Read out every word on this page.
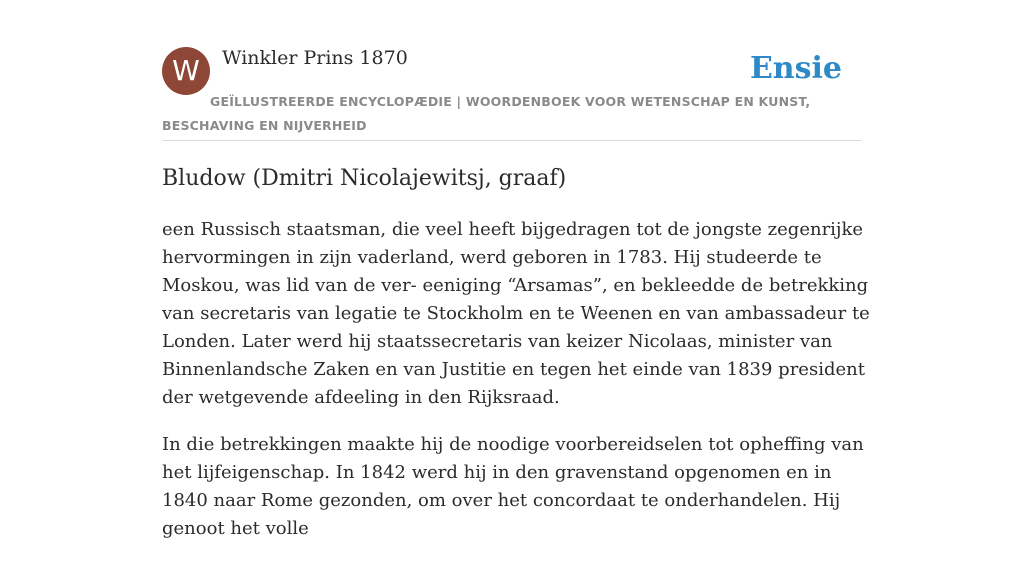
W	Winkler Prins 1870	Ensie
GEÏLLUSTREERDE ENCYCLOPÆDIE | WOORDENBOEK VOOR WETENSCHAP EN KUNST, BESCHAVING EN NIJVERHEID
Bludow (Dmitri Nicolajewitsj, graaf)

een Russisch staatsman, die veel heeft bijgedragen tot de jongste zegenrijke hervormingen in zijn vaderland, werd geboren in 1783. Hij studeerde te Moskou, was lid van de ver- eeniging “Arsamas”, en bekleedde de betrekking van secretaris van legatie te Stockholm en te Weenen en van ambassadeur te Londen. Later werd hij staatssecretaris van keizer Nicolaas, minister van Binnenlandsche Zaken en van Justitie en tegen het einde van 1839 president der wetgevende afdeeling in den Rijksraad.

In die betrekkingen maakte hij de noodige voorbereidselen tot opheffing van het lijfeigenschap. In 1842 werd hij in den gravenstand opgenomen en in 1840 naar Rome gezonden, om over het concordaat te onderhandelen. Hij genoot het volle
